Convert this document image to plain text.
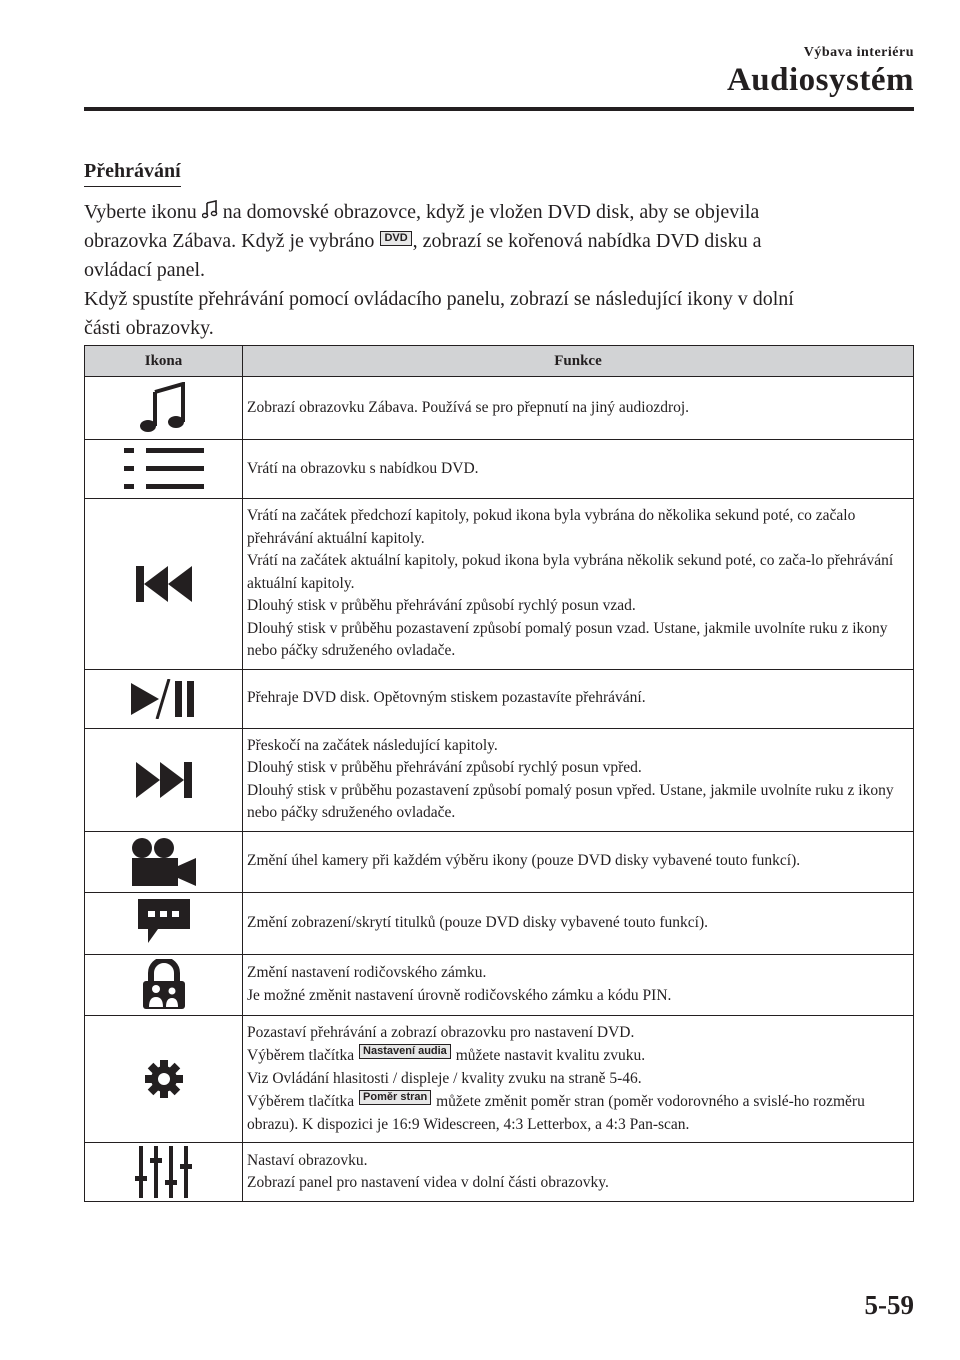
Výbava interiéru
Audiosystém
Přehrávání

Vyberte ikonu  na domovské obrazovce, když je vložen DVD disk, aby se objevila

obrazovka Zábava. Když je vybráno DVD , zobrazí se kořenová nabídka DVD disku a

ovládací panel.

Když spustíte přehrávání pomocí ovládacího panelu, zobrazí se následující ikony v dolní

části obrazovky.

Ikona	Funkce

Zobrazí obrazovku Zábava. Používá se pro přepnutí na jiný audiozdroj.

Vrátí na obrazovku s nabídkou DVD.

Vrátí na začátek předchozí kapitoly, pokud ikona byla vybrána do několika sekund poté, co začalo přehrávání aktuální kapitoly.
Vrátí na začátek aktuální kapitoly, pokud ikona byla vybrána několik sekund poté, co zača-lo přehrávání aktuální kapitoly.
Dlouhý stisk v průběhu přehrávání způsobí rychlý posun vzad.
Dlouhý stisk v průběhu pozastavení způsobí pomalý posun vzad. Ustane, jakmile uvolníte ruku z ikony nebo páčky sdruženého ovladače.

Přehraje DVD disk. Opětovným stiskem pozastavíte přehrávání.

Přeskočí na začátek následující kapitoly.
Dlouhý stisk v průběhu přehrávání způsobí rychlý posun vpřed.
Dlouhý stisk v průběhu pozastavení způsobí pomalý posun vpřed. Ustane, jakmile uvolníte ruku z ikony nebo páčky sdruženého ovladače.

Změní úhel kamery při každém výběru ikony (pouze DVD disky vybavené touto funkcí).

Změní zobrazení/skrytí titulků (pouze DVD disky vybavené touto funkcí).

Změní nastavení rodičovského zámku.
Je možné změnit nastavení úrovně rodičovského zámku a kódu PIN.

Pozastaví přehrávání a zobrazí obrazovku pro nastavení DVD.
Výběrem tlačítka Nastavení audia můžete nastavit kvalitu zvuku.
Viz Ovládání hlasitosti / displeje / kvality zvuku na straně 5-46.
Výběrem tlačítka Poměr stran můžete změnit poměr stran (poměr vodorovného a svislé-ho rozměru obrazu). K dispozici je 16:9 Widescreen, 4:3 Letterbox, a 4:3 Pan-scan.

Nastaví obrazovku.
Zobrazí panel pro nastavení videa v dolní části obrazovky.
5-59
